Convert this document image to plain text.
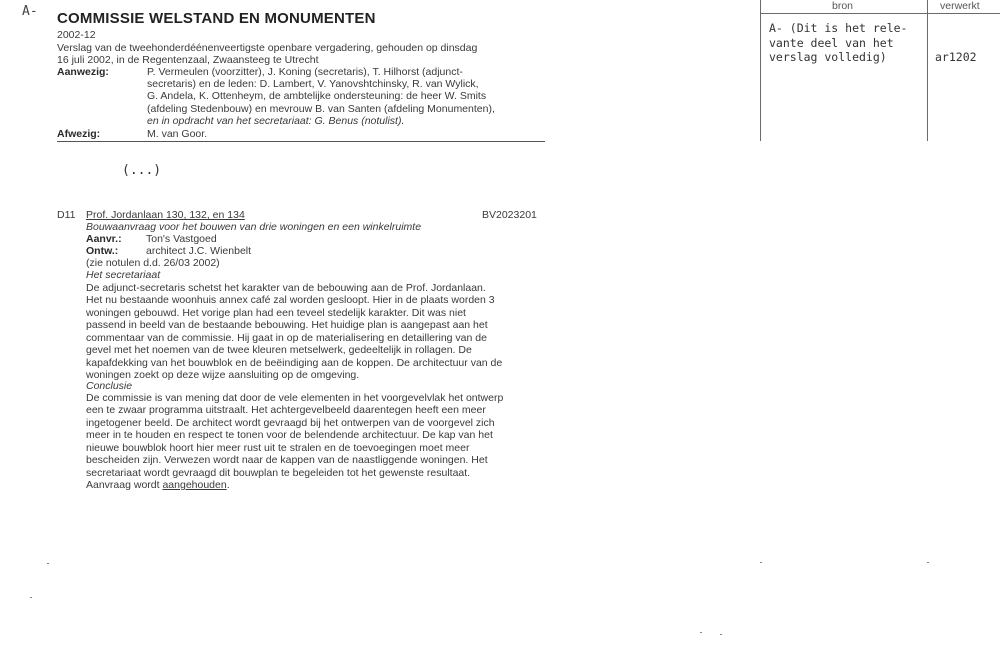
A- COMMISSIE WELSTAND EN MONUMENTEN
2002-12
Verslag van de tweehonderdéénenveertigste openbare vergadering, gehouden op dinsdag
16 juli 2002, in de Regentenzaal, Zwaansteeg te Utrecht
Aanwezig:	P. Vermeulen (voorzitter), J. Koning (secretaris), T. Hilhorst (adjunct-
secretaris) en de leden: D. Lambert, V. Yanovshtchinsky, R. van Wylick,
G. Andela, K. Ottenheym, de ambtelijke ondersteuning: de heer W. Smits
(afdeling Stedenbouw) en mevrouw B. van Santen (afdeling Monumenten),
en in opdracht van het secretariaat: G. Benus (notulist).
Afwezig:	M. van Goor.
(...)
bron	verwerkt
A- (Dit is het rele-
vante deel van het
verslag volledig)	ar1202
D11 Prof. Jordanlaan 130, 132, en 134	BV2023201
Bouwaanvraag voor het bouwen van drie woningen en een winkelruimte
Aanvr.: Ton's Vastgoed
Ontw.:	architect J.C. Wienbelt
(zie notulen d.d. 26/03 2002)
Het secretariaat
De adjunct-secretaris schetst het karakter van de bebouwing aan de Prof. Jordanlaan.
Het nu bestaande woonhuis annex café zal worden gesloopt. Hier in de plaats worden 3
woningen gebouwd. Het vorige plan had een teveel stedelijk karakter. Dit was niet
passend in beeld van de bestaande bebouwing. Het huidige plan is aangepast aan het
commentaar van de commissie. Hij gaat in op de materialisering en detaillering van de
gevel met het noemen van de twee kleuren metselwerk, gedeeltelijk in rollagen. De
kapafdekking van het bouwblok en de beëindiging aan de koppen. De architectuur van de
woningen zoekt op deze wijze aansluiting op de omgeving.
Conclusie
De commissie is van mening dat door de vele elementen in het voorgevelvlak het ontwerp
een te zwaar programma uitstraalt. Het achtergevelbeeld daarentegen heeft een meer
ingetogener beeld. De architect wordt gevraagd bij het ontwerpen van de voorgevel zich
meer in te houden en respect te tonen voor de belendende architectuur. De kap van het
nieuwe bouwblok hoort hier meer rust uit te stralen en de toevoegingen moet meer
bescheiden zijn. Verwezen wordt naar de kappen van de naastliggende woningen. Het
secretariaat wordt gevraagd dit bouwplan te begeleiden tot het gewenste resultaat.
Aanvraag wordt aangehouden.
